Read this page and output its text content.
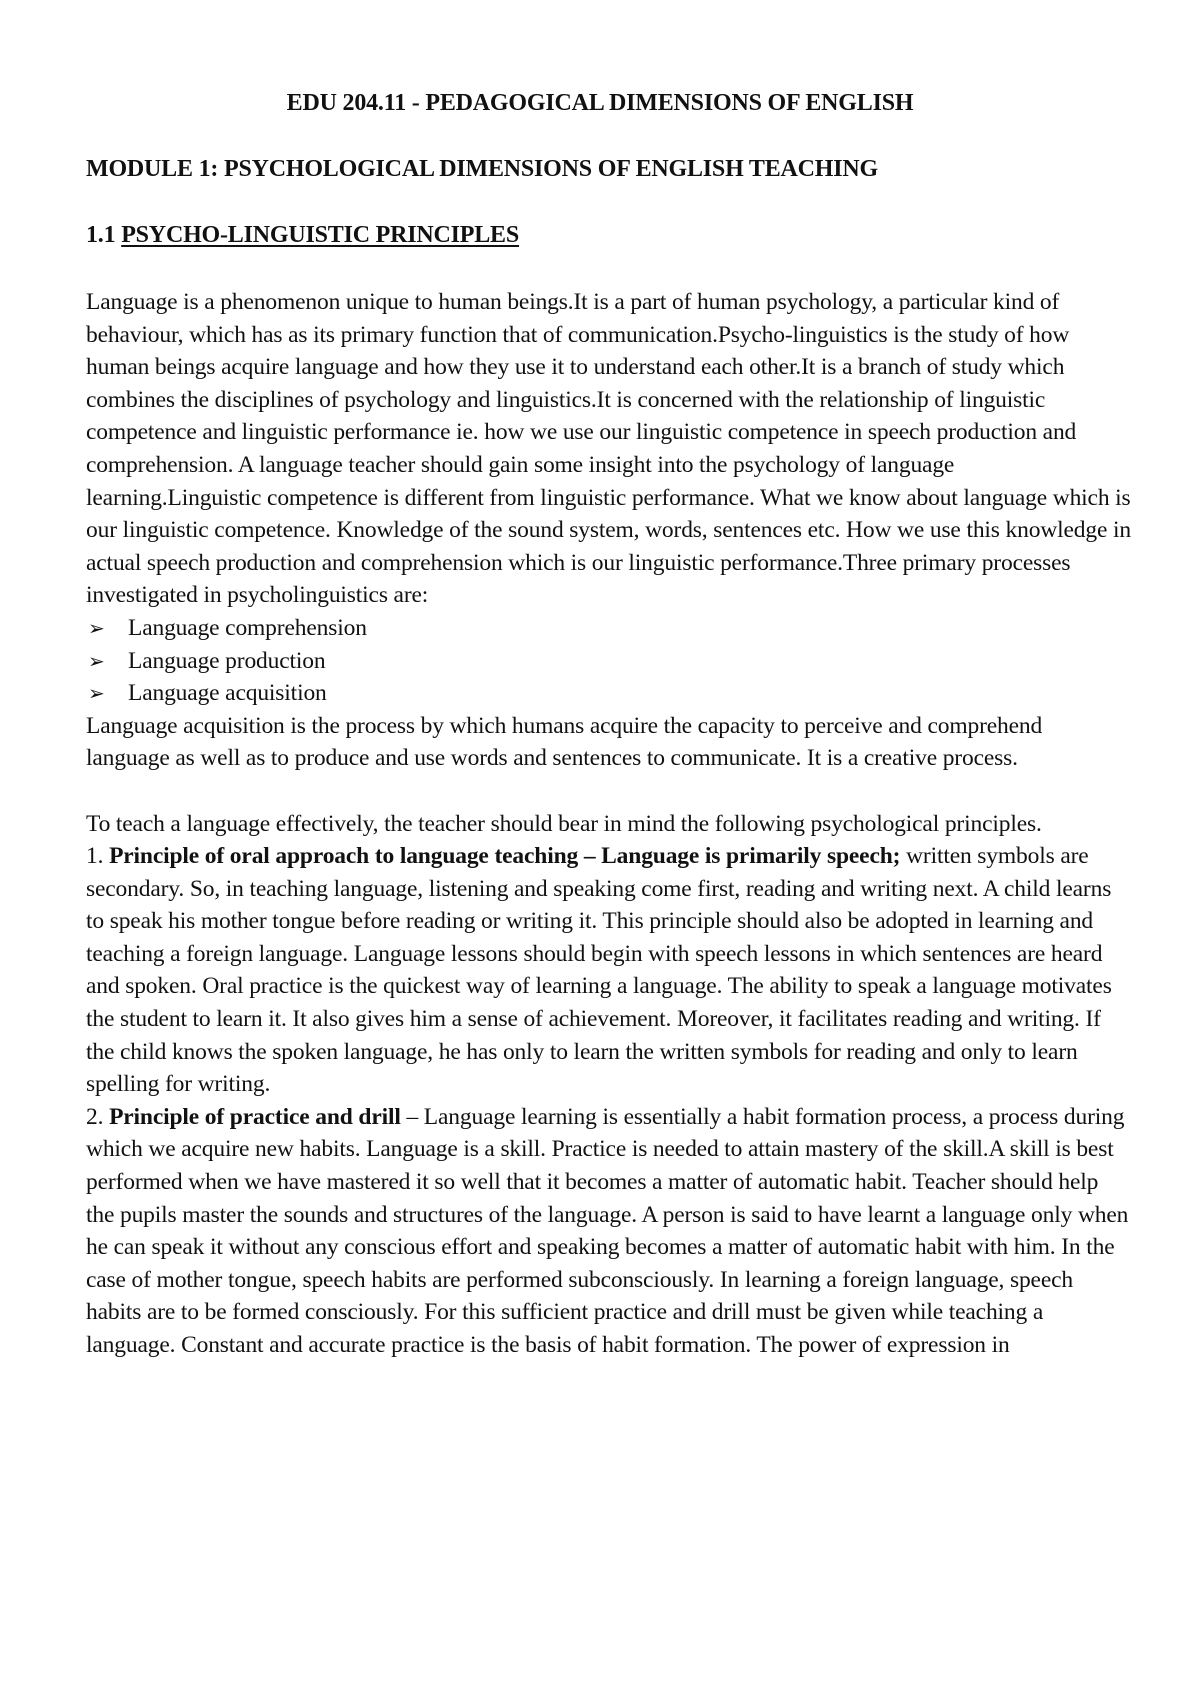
EDU 204.11 - PEDAGOGICAL DIMENSIONS OF ENGLISH
MODULE 1: PSYCHOLOGICAL DIMENSIONS OF ENGLISH TEACHING
1.1 PSYCHO-LINGUISTIC PRINCIPLES

Language is a phenomenon unique to human beings.It is a part of human psychology, a particular kind of behaviour, which has as its primary function that of communication.Psycho-linguistics is the study of how human beings acquire language and how they use it to understand each other.It is a branch of study which combines the disciplines of psychology and linguistics.It is concerned with the relationship of linguistic competence and linguistic performance ie. how we use our linguistic competence in speech production and comprehension. A language teacher should gain some insight into the psychology of language learning.Linguistic competence is different from linguistic performance. What we know about language which is our linguistic competence. Knowledge of the sound system, words, sentences etc. How we use this knowledge in actual speech production and comprehension which is our linguistic performance.Three primary processes investigated in psycholinguistics are:

➢ Language comprehension
➢ Language production
➢ Language acquisition

Language acquisition is the process by which humans acquire the capacity to perceive and comprehend language as well as to produce and use words and sentences to communicate. It is a creative process.

To teach a language effectively, the teacher should bear in mind the following psychological principles.

1. Principle of oral approach to language teaching – Language is primarily speech; written symbols are secondary. So, in teaching language, listening and speaking come first, reading and writing next. A child learns to speak his mother tongue before reading or writing it. This principle should also be adopted in learning and teaching a foreign language. Language lessons should begin with speech lessons in which sentences are heard and spoken. Oral practice is the quickest way of learning a language. The ability to speak a language motivates the student to learn it. It also gives him a sense of achievement. Moreover, it facilitates reading and writing. If the child knows the spoken language, he has only to learn the written symbols for reading and only to learn spelling for writing.

2. Principle of practice and drill – Language learning is essentially a habit formation process, a process during which we acquire new habits. Language is a skill. Practice is needed to attain mastery of the skill.A skill is best performed when we have mastered it so well that it becomes a matter of automatic habit. Teacher should help the pupils master the sounds and structures of the language. A person is said to have learnt a language only when he can speak it without any conscious effort and speaking becomes a matter of automatic habit with him. In the case of mother tongue, speech habits are performed subconsciously. In learning a foreign language, speech habits are to be formed consciously. For this sufficient practice and drill must be given while teaching a language. Constant and accurate practice is the basis of habit formation. The power of expression in
